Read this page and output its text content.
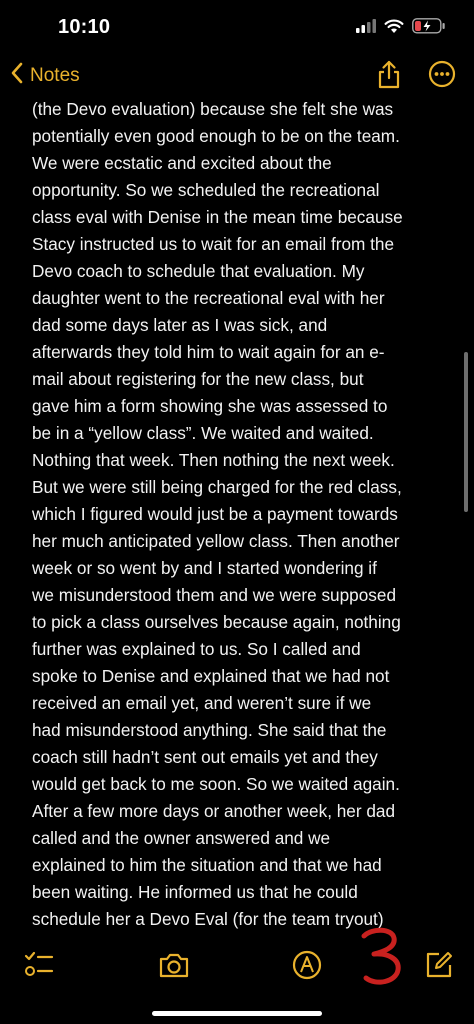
10:10
Notes

(the Devo evaluation) because she felt she was

potentially even good enough to be on the team.

We were ecstatic and excited about the

opportunity. So we scheduled the recreational

class eval with Denise in the mean time because

Stacy instructed us to wait for an email from the

Devo coach to schedule that evaluation. My

daughter went to the recreational eval with her

dad some days later as I was sick, and

afterwards they told him to wait again for an e-

mail about registering for the new class, but

gave him a form showing she was assessed to

be in a “yellow class”. We waited and waited.

Nothing that week. Then nothing the next week.

But we were still being charged for the red class,

which I figured would just be a payment towards

her much anticipated yellow class. Then another

week or so went by and I started wondering if

we misunderstood them and we were supposed

to pick a class ourselves because again, nothing

further was explained to us. So I called and

spoke to Denise and explained that we had not

received an email yet, and weren’t sure if we

had misunderstood anything. She said that the

coach still hadn’t sent out emails yet and they

would get back to me soon. So we waited again.

After a few more days or another week, her dad

called and the owner answered and we

explained to him the situation and that we had

been waiting. He informed us that he could

schedule her a Devo Eval (for the team tryout)
